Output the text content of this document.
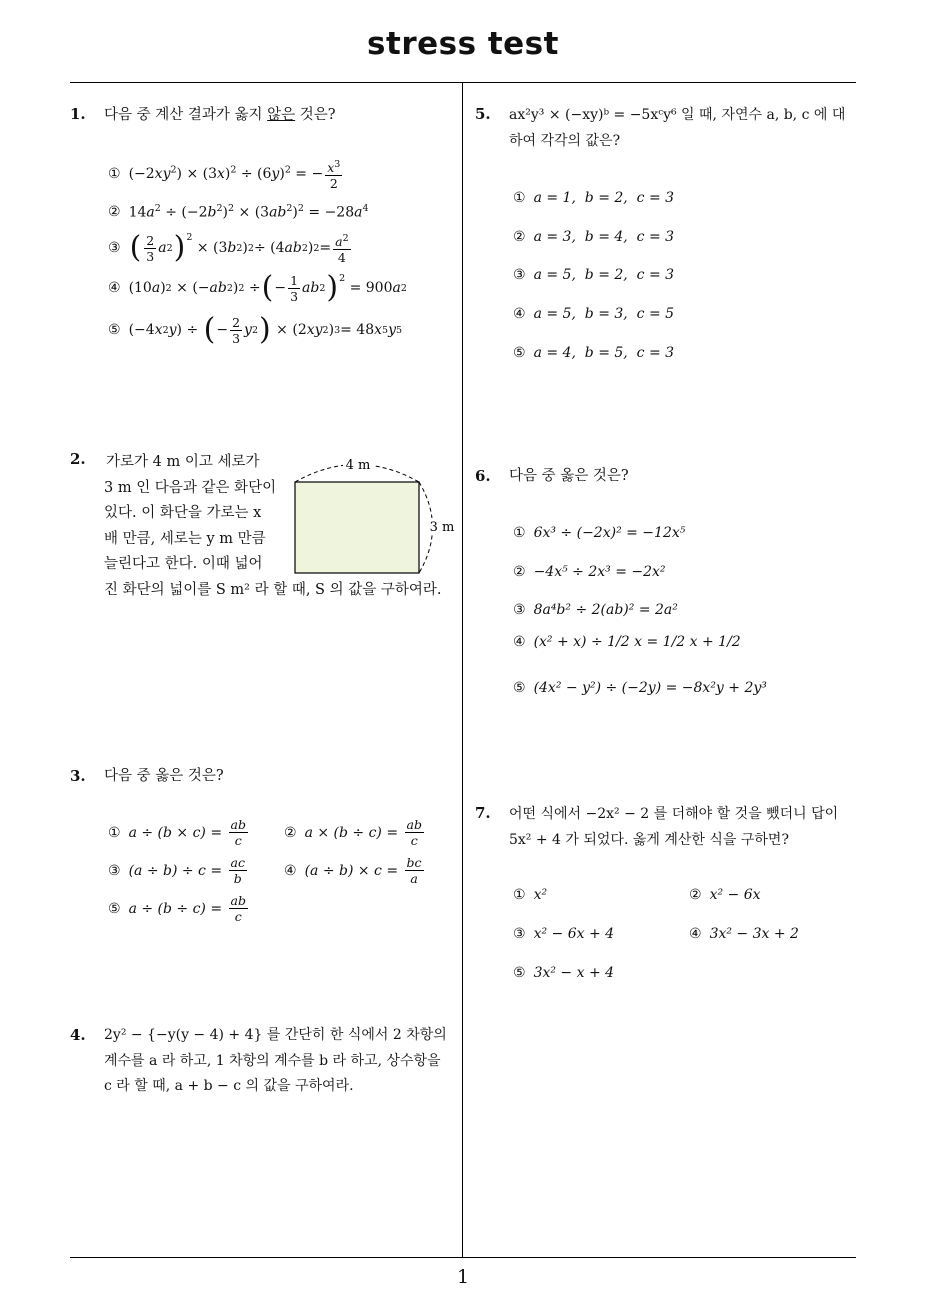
stress test
1
1.	다음 중 계산 결과가 옳지 않은 것은?
① $(-2xy^2) \times (3x)^2 \div (6y)^2$ = − $\frac{x^3}{2}$
② $14a^2 \div (-2b^2)^2 \times (3ab^2)^2 = -28a^4$
③ ( $\frac{2}{3}$ a 2 )$^2$
× (3 b 2 ) 2 ÷ (4 ab 2 ) $2 = \frac{a^2}{4}$
④ (10 a ) 2 × (− ab 2 ) 2 ÷ ( − $\frac{1}{3}$ ab 2 )$^2$
= 900 a 2
⑤ (−4 x 2 y ) ÷ ( − $\frac{2}{3}$ y 2 ) × (2 xy 2 ) 3 = 48 x 5 y 5
2.	가로가 4 m 이고 세로가
3 m 인 다음과 같은 화단이
있다. 이 화단을 가로는 x
배 만큼, 세로는 y m 만큼
늘린다고 한다. 이때 넓어
진 화단의 넓이를 S m² 라 할 때, S 의 값을 구하여라.
4 m
3 m
3.	다음 중 옳은 것은?
① a ÷ (b × c) =
$\frac{ab}{c}$	② a × (b ÷ c) =
$\frac{ab}{c}$
③ (a ÷ b) ÷ c =
$\frac{ac}{b}$	④ (a ÷ b) × c =
$\frac{bc}{a}$
⑤ a ÷ (b ÷ c) =
$\frac{ab}{c}$
4.	2y² − {−y(y − 4) + 4} 를 간단히 한 식에서 2 차항의
계수를 a 라 하고, 1 차항의 계수를 b 라 하고, 상수항을
c 라 할 때, a + b − c 의 값을 구하여라.
5.	ax²y³ × (−xy)ᵇ = −5xᶜy⁶ 일 때, 자연수 a, b, c 에 대
하여 각각의 값은?
① a = 1,  b = 2,  c = 3
② a = 3,  b = 4,  c = 3
③ a = 5,  b = 2,  c = 3
④ a = 5,  b = 3,  c = 5
⑤ a = 4,  b = 5,  c = 3
6.	다음 중 옳은 것은?
① 6x³ ÷ (−2x)² = −12x⁵
② −4x⁵ ÷ 2x³ = −2x²
③ 8a⁴b² ÷ 2(ab)² = 2a²
④ (x² + x) ÷ 1/2 x = 1/2 x + 1/2
⑤ (4x² − y²) ÷ (−2y) = −8x²y + 2y³
7.	어떤 식에서 −2x² − 2 를 더해야 할 것을 뺐더니 답이
5x² + 4 가 되었다. 옳게 계산한 식을 구하면?
① x²	② x² − 6x
③ x² − 6x + 4	④ 3x² − 3x + 2
⑤ 3x² − x + 4
